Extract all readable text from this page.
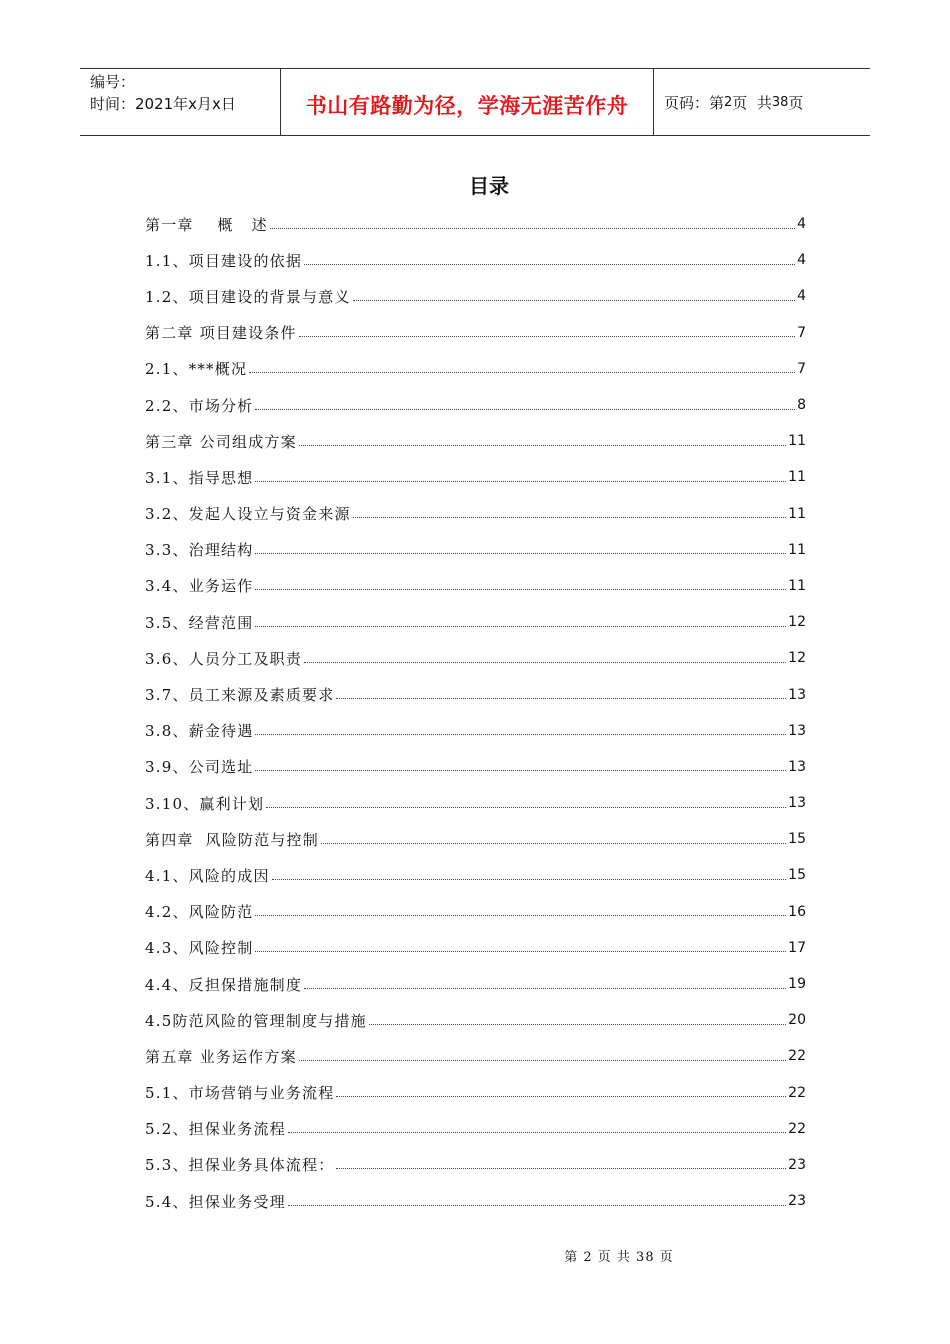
编号：
时间：2021年x月x日	书山有路勤为径，学海无涯苦作舟 页码：第 2 页  共 38 页
目录
第一章    概   述	4
1.1、项目建设的依据	4
1.2、项目建设的背景与意义	4
第二章 项目建设条件	7
2.1、***概况	7
2.2、市场分析	8
第三章 公司组成方案	11
3.1、指导思想	11
3.2、发起人设立与资金来源	11
3.3、治理结构	11
3.4、业务运作	11
3.5、经营范围	12
3.6、人员分工及职责	12
3.7、员工来源及素质要求	13
3.8、薪金待遇	13
3.9、公司选址	13
3.10、赢利计划	13
第四章  风险防范与控制	15
4.1、风险的成因	15
4.2、风险防范	16
4.3、风险控制	17
4.4、反担保措施制度	19
4.5防范风险的管理制度与措施	20
第五章 业务运作方案	22
5.1、市场营销与业务流程	22
5.2、担保业务流程	22
5.3、担保业务具体流程：	23
5.4、担保业务受理	23
第 2 页 共 38 页
